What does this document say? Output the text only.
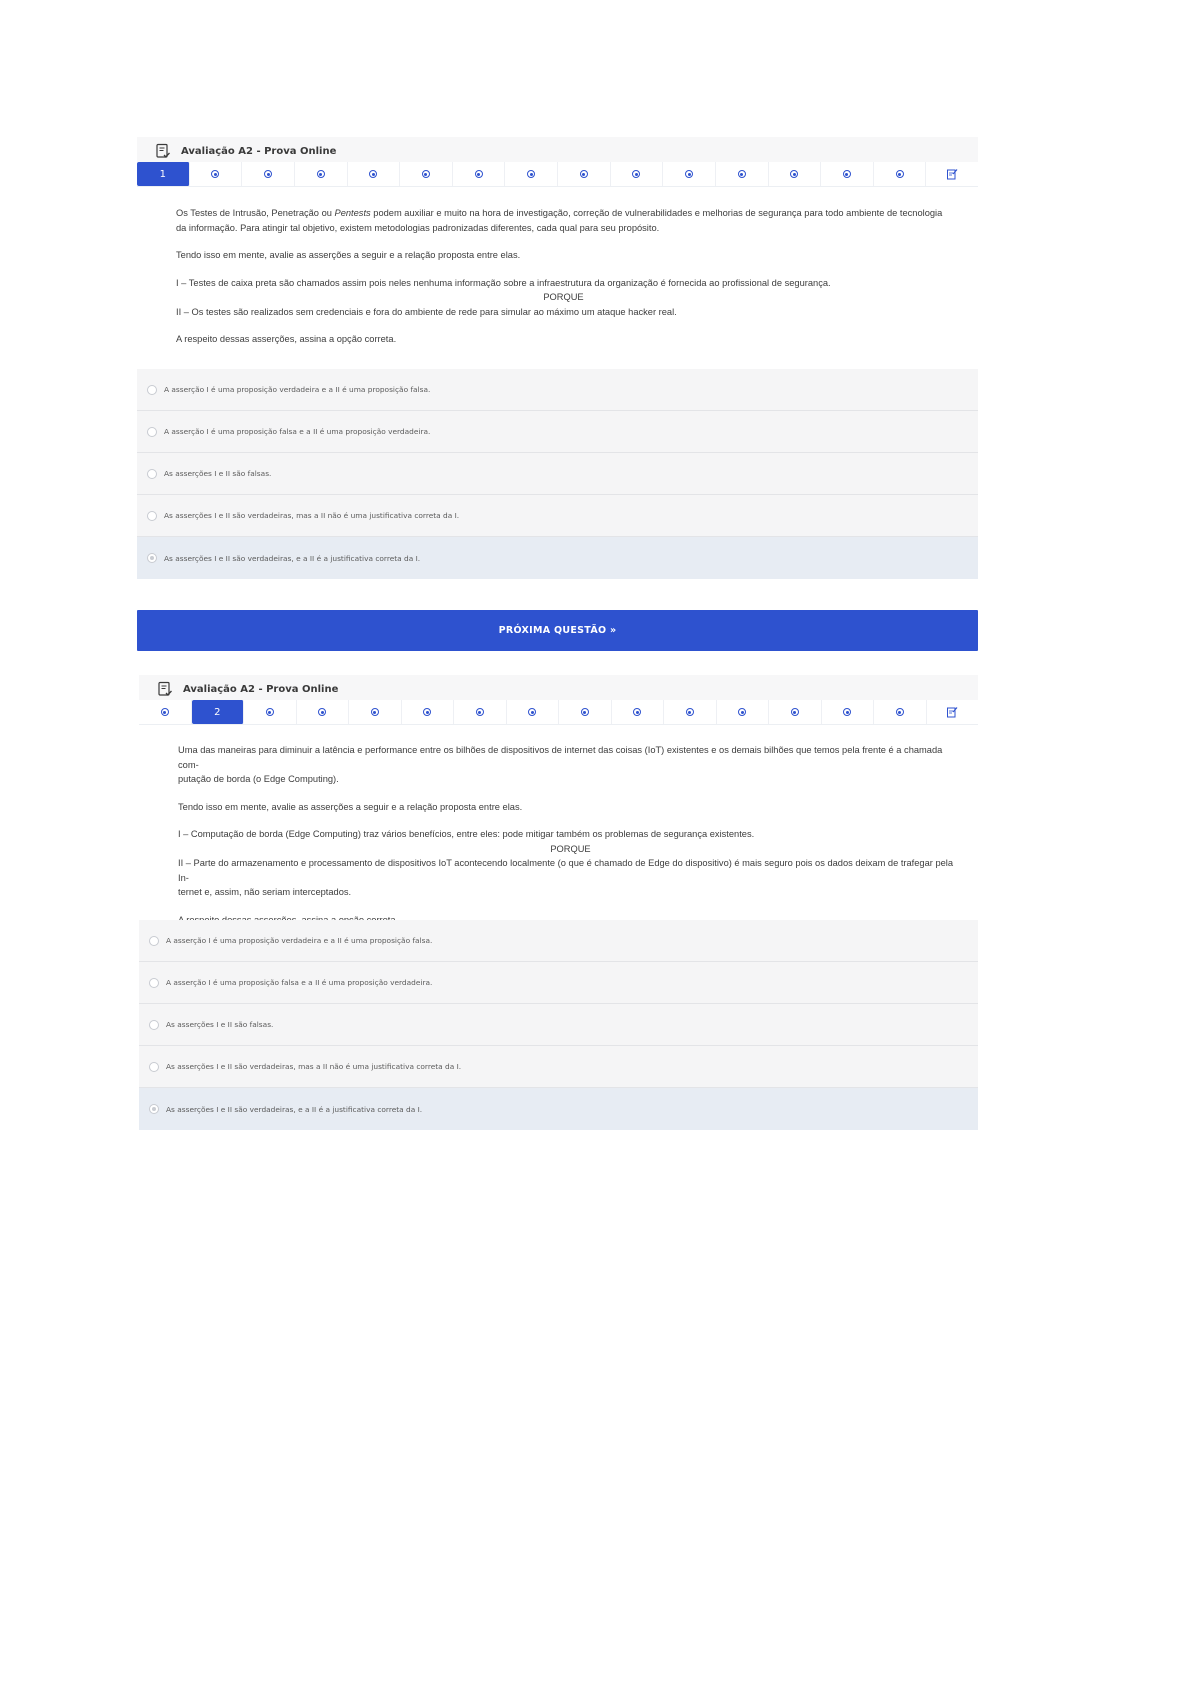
Avaliação A2 - Prova Online
1

Os Testes de Intrusão, Penetração ou Pentests podem auxiliar e muito na hora de investigação, correção de vulnerabilidades e melhorias de segurança para todo ambiente de tecnologia da informação. Para atingir tal objetivo, existem metodologias padronizadas diferentes, cada qual para seu propósito.

Tendo isso em mente, avalie as asserções a seguir e a relação proposta entre elas.

I – Testes de caixa preta são chamados assim pois neles nenhuma informação sobre a infraestrutura da organização é fornecida ao profissional de segurança.

PORQUE

II – Os testes são realizados sem credenciais e fora do ambiente de rede para simular ao máximo um ataque hacker real.

A respeito dessas asserções, assina a opção correta.

A asserção I é uma proposição verdadeira e a II é uma proposição falsa.
A asserção I é uma proposição falsa e a II é uma proposição verdadeira.
As asserções I e II são falsas.
As asserções I e II são verdadeiras, mas a II não é uma justificativa correta da I.
As asserções I e II são verdadeiras, e a II é a justificativa correta da I.
PRÓXIMA QUESTÃO »
Avaliação A2 - Prova Online
2

Uma das maneiras para diminuir a latência e performance entre os bilhões de dispositivos de internet das coisas (IoT) existentes e os demais bilhões que temos pela frente é a chamada com-

putação de borda (o Edge Computing).

Tendo isso em mente, avalie as asserções a seguir e a relação proposta entre elas.

I – Computação de borda (Edge Computing) traz vários benefícios, entre eles: pode mitigar também os problemas de segurança existentes.

PORQUE

II – Parte do armazenamento e processamento de dispositivos IoT acontecendo localmente (o que é chamado de Edge do dispositivo) é mais seguro pois os dados deixam de trafegar pela In-

ternet e, assim, não seriam interceptados.

A asserção I é uma proposição verdadeira e a II é uma proposição falsa.
A asserção I é uma proposição falsa e a II é uma proposição verdadeira.
As asserções I e II são falsas.
As asserções I e II são verdadeiras, mas a II não é uma justificativa correta da I.
As asserções I e II são verdadeiras, e a II é a justificativa correta da I.
